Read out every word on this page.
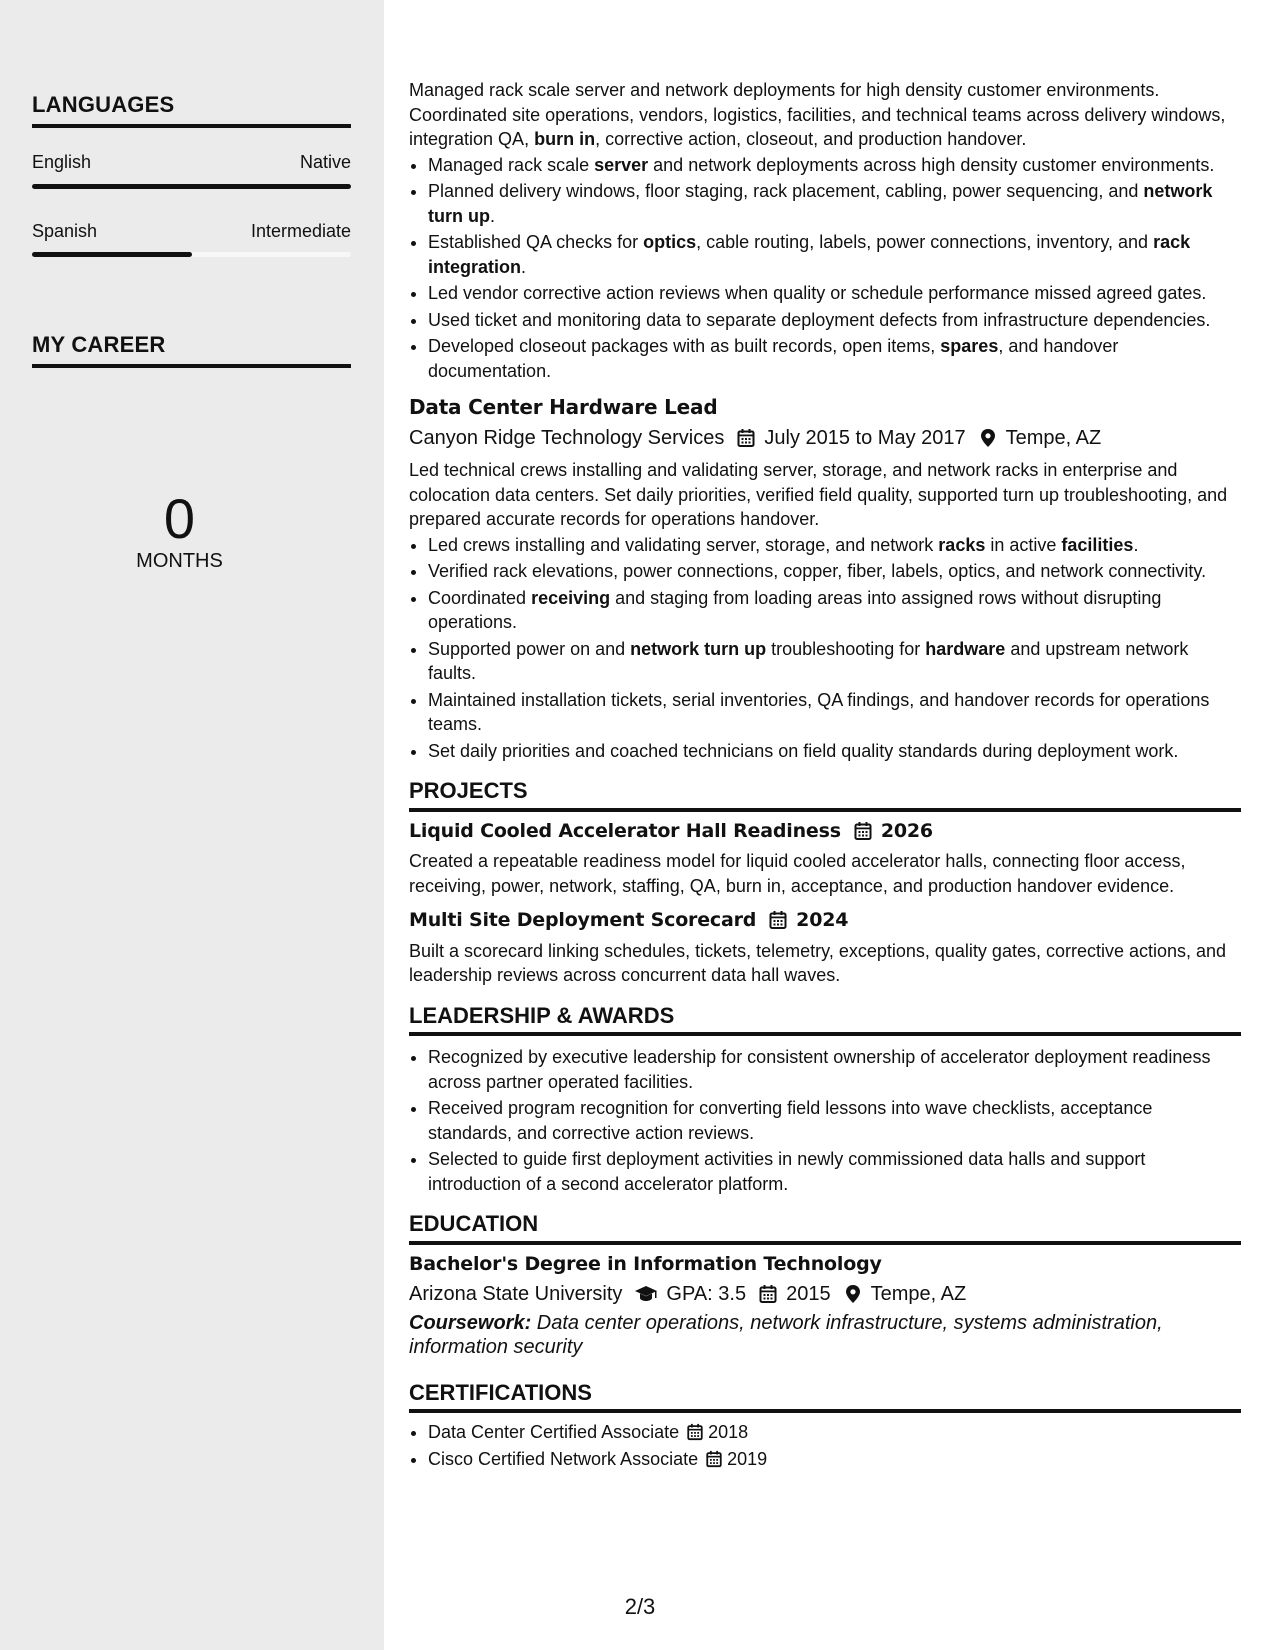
LANGUAGES
English	Native
Spanish	Intermediate
MY CAREER
0
MONTHS

Managed rack scale server and network deployments for high density customer environments. Coordinated site operations, vendors, logistics, facilities, and technical teams across delivery windows, integration QA, burn in, corrective action, closeout, and production handover.

• Managed rack scale server and network deployments across high density customer environments.
• Planned delivery windows, floor staging, rack placement, cabling, power sequencing, and network turn up.
• Established QA checks for optics, cable routing, labels, power connections, inventory, and rack integration.
• Led vendor corrective action reviews when quality or schedule performance missed agreed gates.
• Used ticket and monitoring data to separate deployment defects from infrastructure dependencies.
• Developed closeout packages with as built records, open items, spares, and handover documentation.
Data Center Hardware Lead
Canyon Ridge Technology Services July 2015 to May 2017 Tempe, AZ

Led technical crews installing and validating server, storage, and network racks in enterprise and colocation data centers. Set daily priorities, verified field quality, supported turn up troubleshooting, and prepared accurate records for operations handover.

• Led crews installing and validating server, storage, and network racks in active facilities.
• Verified rack elevations, power connections, copper, fiber, labels, optics, and network connectivity.
• Coordinated receiving and staging from loading areas into assigned rows without disrupting operations.
• Supported power on and network turn up troubleshooting for hardware and upstream network faults.
• Maintained installation tickets, serial inventories, QA findings, and handover records for operations teams.
• Set daily priorities and coached technicians on field quality standards during deployment work.
PROJECTS
Liquid Cooled Accelerator Hall Readiness 2026

Created a repeatable readiness model for liquid cooled accelerator halls, connecting floor access, receiving, power, network, staffing, QA, burn in, acceptance, and production handover evidence.

Multi Site Deployment Scorecard 2024

Built a scorecard linking schedules, tickets, telemetry, exceptions, quality gates, corrective actions, and leadership reviews across concurrent data hall waves.

LEADERSHIP & AWARDS
• Recognized by executive leadership for consistent ownership of accelerator deployment readiness across partner operated facilities.
• Received program recognition for converting field lessons into wave checklists, acceptance standards, and corrective action reviews.
• Selected to guide first deployment activities in newly commissioned data halls and support introduction of a second accelerator platform.
EDUCATION
Bachelor's Degree in Information Technology
Arizona State University GPA: 3.5 2015 Tempe, AZ
Coursework: Data center operations, network infrastructure, systems administration, information security
CERTIFICATIONS
• Data Center Certified Associate 2018
• Cisco Certified Network Associate 2019
2/3
